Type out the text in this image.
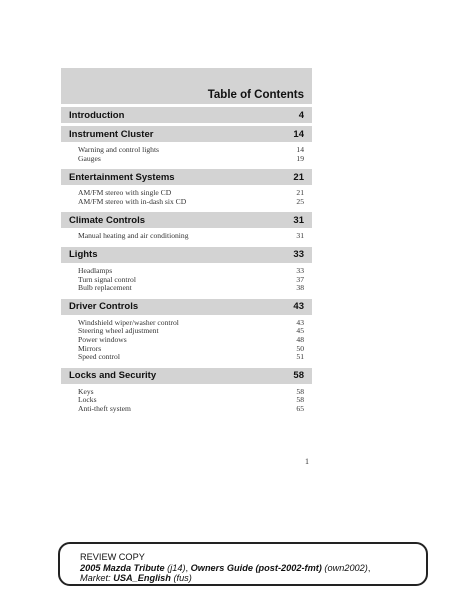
Table of Contents
Introduction	4
Instrument Cluster	14
Warning and control lights	14
Gauges	19
Entertainment Systems	21
AM/FM stereo with single CD	21
AM/FM stereo with in-dash six CD	25
Climate Controls	31
Manual heating and air conditioning	31
Lights	33
Headlamps	33
Turn signal control	37
Bulb replacement	38
Driver Controls	43
Windshield wiper/washer control	43
Steering wheel adjustment	45
Power windows	48
Mirrors	50
Speed control	51
Locks and Security	58
Keys	58
Locks	58
Anti-theft system	65
1
REVIEW COPY
2005 Mazda Tribute (j14), Owners Guide (post-2002-fmt) (own2002),
Market: USA_English (fus)
